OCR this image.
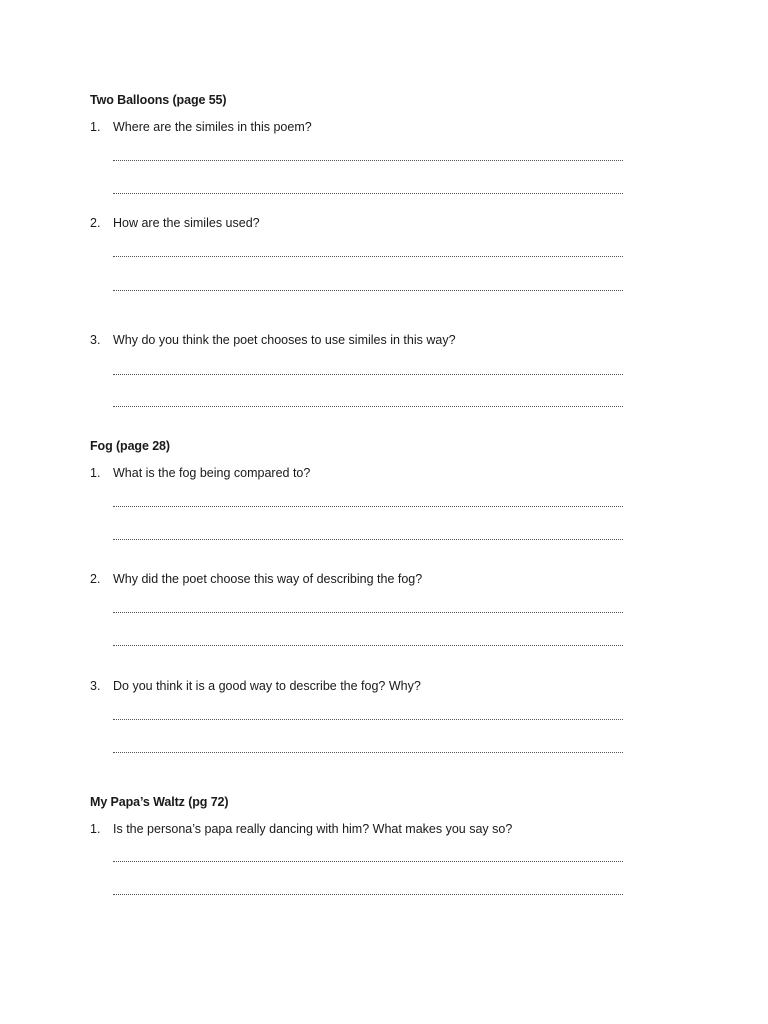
Two Balloons (page 55)
1. Where are the similes in this poem?
2. How are the similes used?
3. Why do you think the poet chooses to use similes in this way?
Fog (page 28)
1. What is the fog being compared to?
2. Why did the poet choose this way of describing the fog?
3. Do you think it is a good way to describe the fog? Why?
My Papa’s Waltz (pg 72)
1. Is the persona’s papa really dancing with him? What makes you say so?
